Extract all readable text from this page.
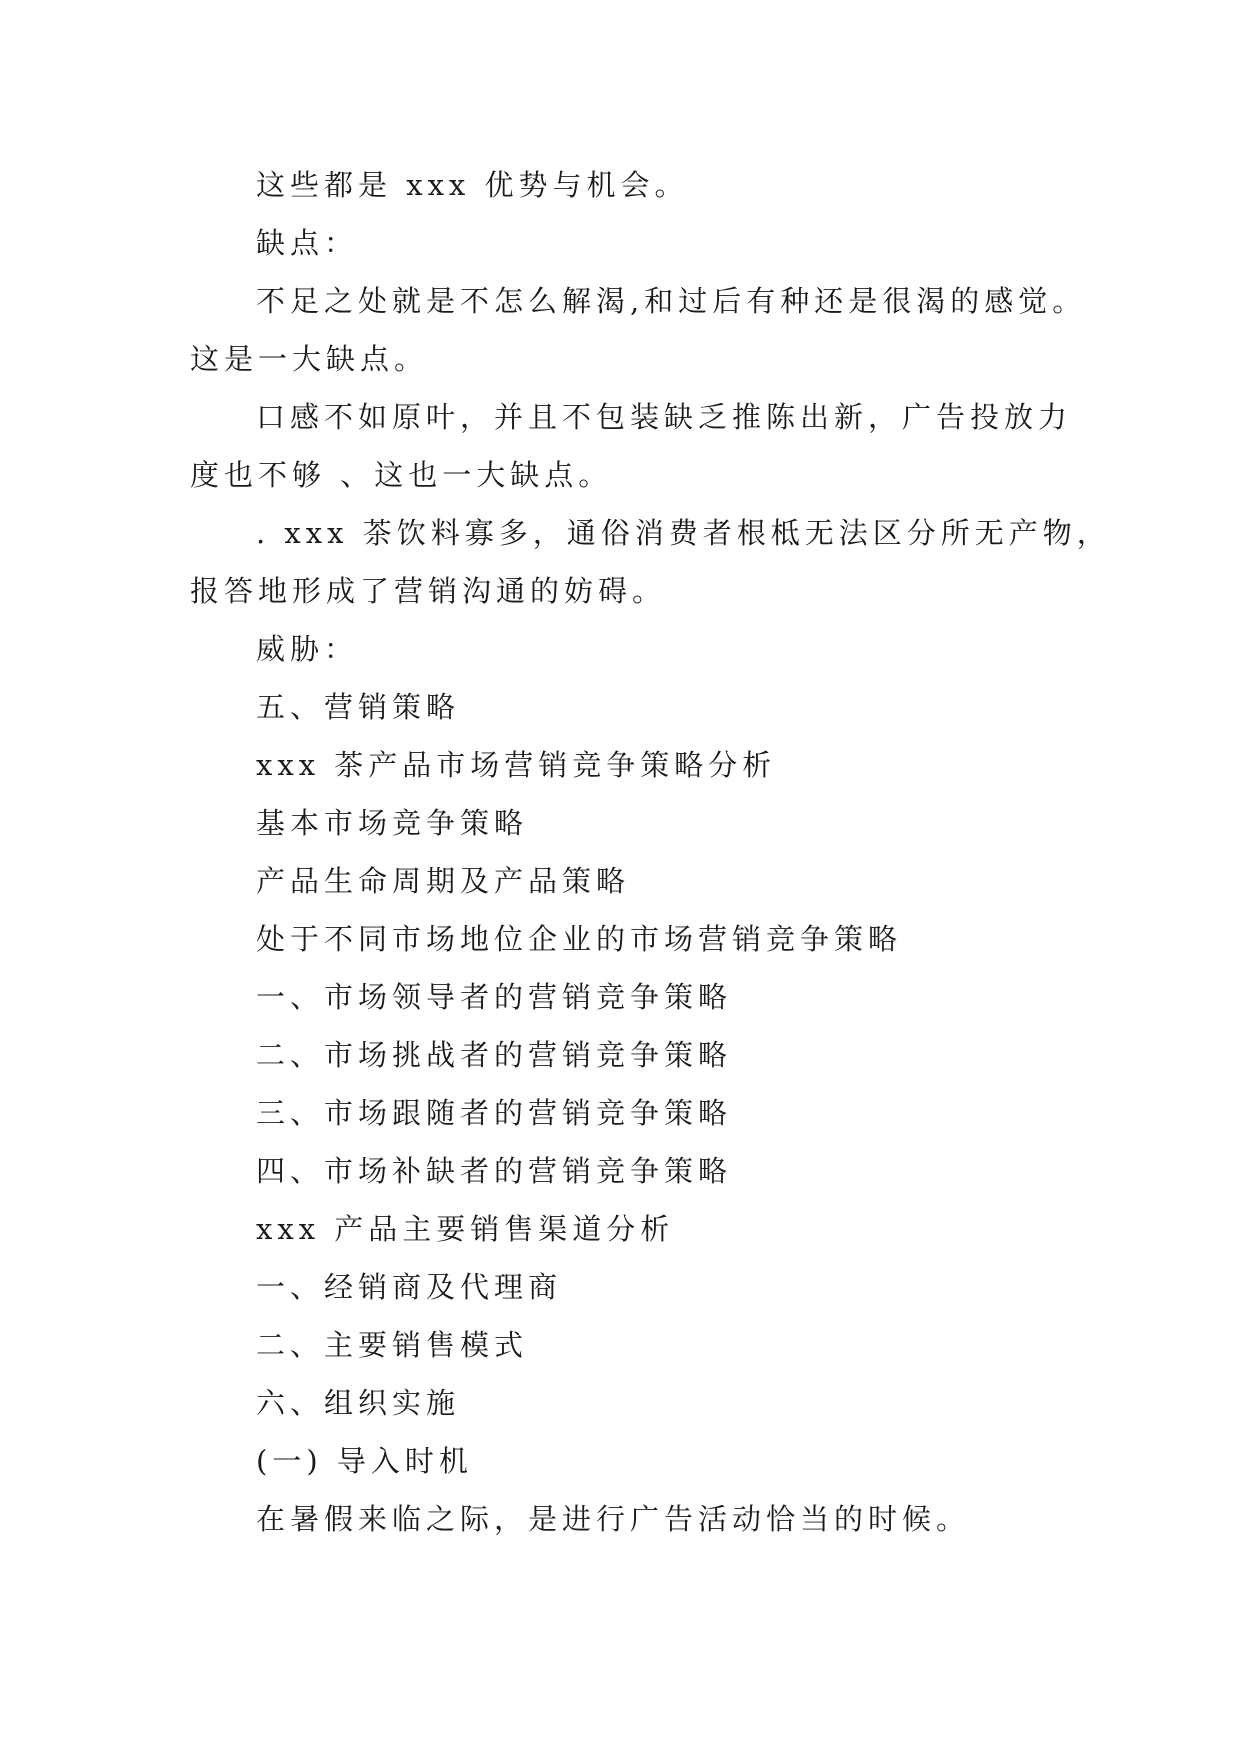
这些都是 xxx 优势与机会。
缺点：
不足之处就是不怎么解渴,和过后有种还是很渴的感觉。
这是一大缺点。
口感不如原叶，并且不包装缺乏推陈出新，广告投放力
度也不够 、这也一大缺点。
. xxx 茶饮料寡多，通俗消费者根柢无法区分所无产物，
报答地形成了营销沟通的妨碍。
威胁：
五、营销策略
xxx 茶产品市场营销竞争策略分析
基本市场竞争策略
产品生命周期及产品策略
处于不同市场地位企业的市场营销竞争策略
一、市场领导者的营销竞争策略
二、市场挑战者的营销竞争策略
三、市场跟随者的营销竞争策略
四、市场补缺者的营销竞争策略
xxx 产品主要销售渠道分析
一、经销商及代理商
二、主要销售模式
六、组织实施
(一) 导入时机
在暑假来临之际，是进行广告活动恰当的时候。
